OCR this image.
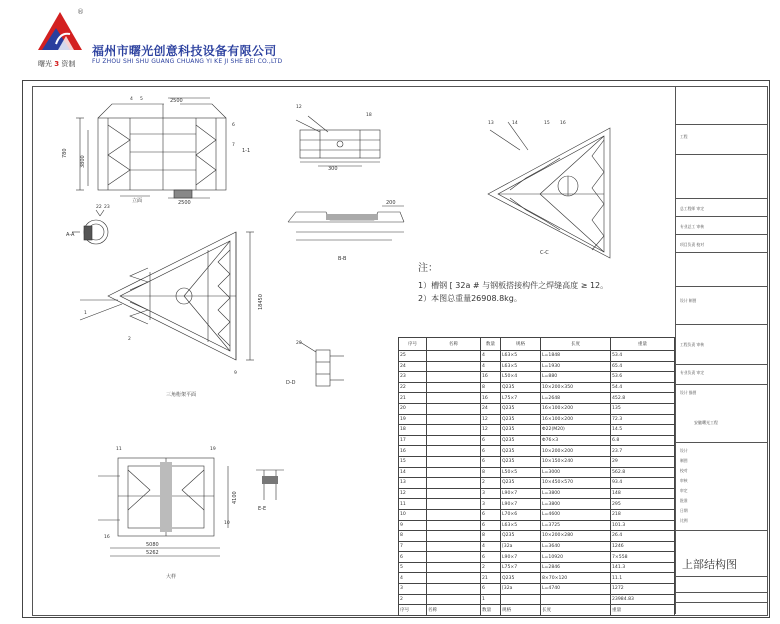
®
曙光 3 资制
福州市曙光创意科技设备有限公司
FU ZHOU SHI SHU GUANG CHUANG YI KE JI SHE BEI CO.,LTD
2500
780
3800
2500
立面
300
200
B-B
18450
三角桁架平面
C-C
5080
5262
4100
大样
E-E
A-A
1-1
D-D
4 5
6
7
12
18
22 23
13	14	15 16
1
2
9
11	19
16
10
20
注：
1）槽钢 [ 32a # 与钢板搭接构件之焊缝高度 ≥ 12。
2）本图总重量26908.8kg。
序号	名称	数量	规格	长度	重量
25		4	L63×5	L=1848	53.4
24		4	L63×5	L=1930	65.4
23		16	L50×4	L=880	53.6
22		8	Q235	10×200×350	54.4
21		16	L75×7	L=2648	452.8
20		24	Q235	16×100×200	135
19		12	Q235	16×100×200	72.3
18		12	Q235	Φ22(M20)	14.5
17		6	Q235	Φ76×3	6.8
16		6	Q235	10×200×200	23.7
15		6	Q235	10×150×240	29
14		8	L50×5	L=3000	562.8
13		2	Q235	10×450×570	93.4
12		3	L90×7	L=3800	148
11		3	L90×7	L=3800	295
10		6	L70×6	L=4600	218
9		6	L63×5	L=3725	101.3
8		8	Q235	10×200×280	26.4
7		4	[32a	L=3640	1246
6		6	L90×7	L=10920	7×558
5		2	L75×7	L=2846	141.3
4		21	Q235	8×70×120	11.1
3		6	[32a	L=4740	1272
2		1			23984.83
序号	名称	数量	规格	长度	重量
工程
总工程师 审定
专业总工 审核
项目负责 校对
设计 制图
工程负责 审核
专业负责 审定
设计 描图
安徽曙光工程
设计
制图
校对
审核
审定
批准
日期
比例
上部结构图
